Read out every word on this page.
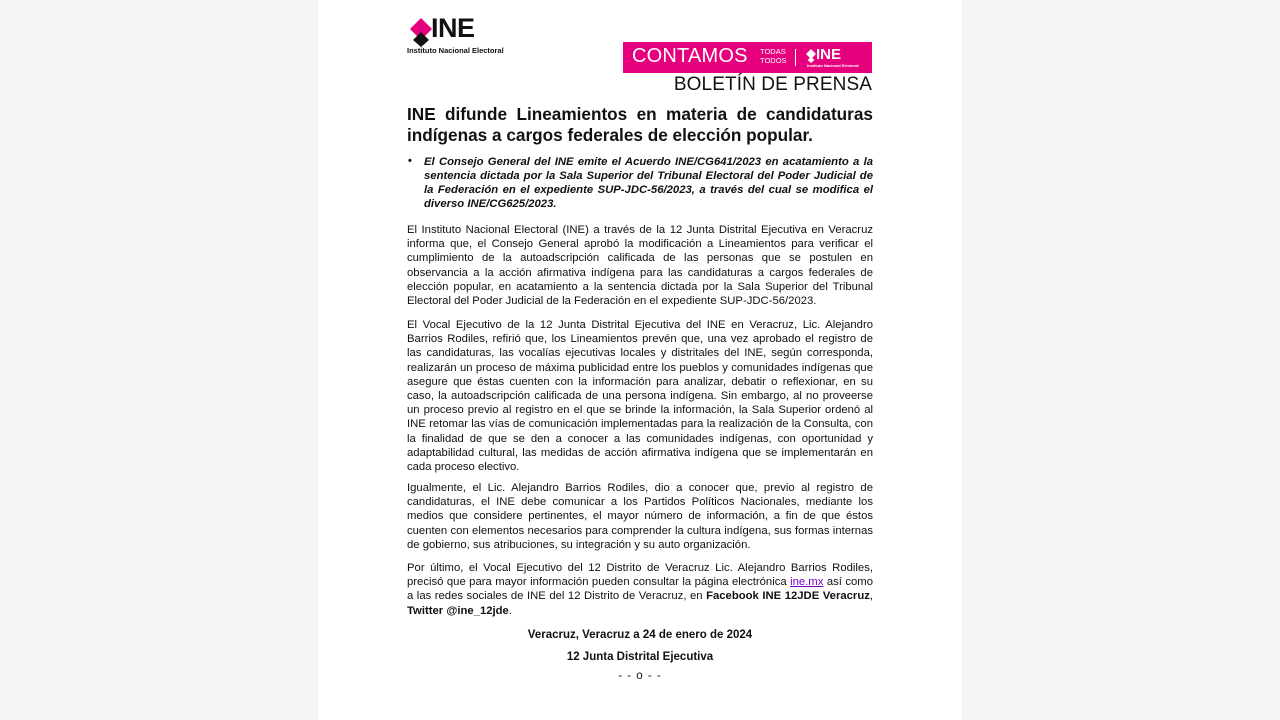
INE
Instituto Nacional Electoral	CONTAMOS TODAS
TODOS INE
Instituto Nacional Electoral
BOLETÍN DE PRENSA
INE difunde Lineamientos en materia de candidaturas indígenas a cargos federales de elección popular.
• El Consejo General del INE emite el Acuerdo INE/CG641/2023 en acatamiento a la sentencia dictada por la Sala Superior del Tribunal Electoral del Poder Judicial de la Federación en el expediente SUP-JDC-56/2023, a través del cual se modifica el diverso INE/CG625/2023.

El Instituto Nacional Electoral (INE) a través de la 12 Junta Distrital Ejecutiva en Veracruz informa que, el Consejo General aprobó la modificación a Lineamientos para verificar el cumplimiento de la autoadscripción calificada de las personas que se postulen en observancia a la acción afirmativa indígena para las candidaturas a cargos federales de elección popular, en acatamiento a la sentencia dictada por la Sala Superior del Tribunal Electoral del Poder Judicial de la Federación en el expediente SUP-JDC-56/2023.

El Vocal Ejecutivo de la 12 Junta Distrital Ejecutiva del INE en Veracruz, Lic. Alejandro Barrios Rodiles, refirió que, los Lineamientos prevén que, una vez aprobado el registro de las candidaturas, las vocalías ejecutivas locales y distritales del INE, según corresponda, realizarán un proceso de máxima publicidad entre los pueblos y comunidades indígenas que asegure que éstas cuenten con la información para analizar, debatir o reflexionar, en su caso, la autoadscripción calificada de una persona indígena. Sin embargo, al no proveerse un proceso previo al registro en el que se brinde la información, la Sala Superior ordenó al INE retomar las vías de comunicación implementadas para la realización de la Consulta, con la finalidad de que se den a conocer a las comunidades indígenas, con oportunidad y adaptabilidad cultural, las medidas de acción afirmativa indígena que se implementarán en cada proceso electivo.

Igualmente, el Lic. Alejandro Barrios Rodiles, dio a conocer que, previo al registro de candidaturas, el INE debe comunicar a los Partidos Políticos Nacionales, mediante los medios que considere pertinentes, el mayor número de información, a fin de que éstos cuenten con elementos necesarios para comprender la cultura indígena, sus formas internas de gobierno, sus atribuciones, su integración y su auto organización.

Por último, el Vocal Ejecutivo del 12 Distrito de Veracruz Lic. Alejandro Barrios Rodiles, precisó que para mayor información pueden consultar la página electrónica ine.mx así como a las redes sociales de INE del 12 Distrito de Veracruz, en Facebook INE 12JDE Veracruz, Twitter @ine_12jde.

Veracruz, Veracruz a 24 de enero de 2024
12 Junta Distrital Ejecutiva
- - o - -
